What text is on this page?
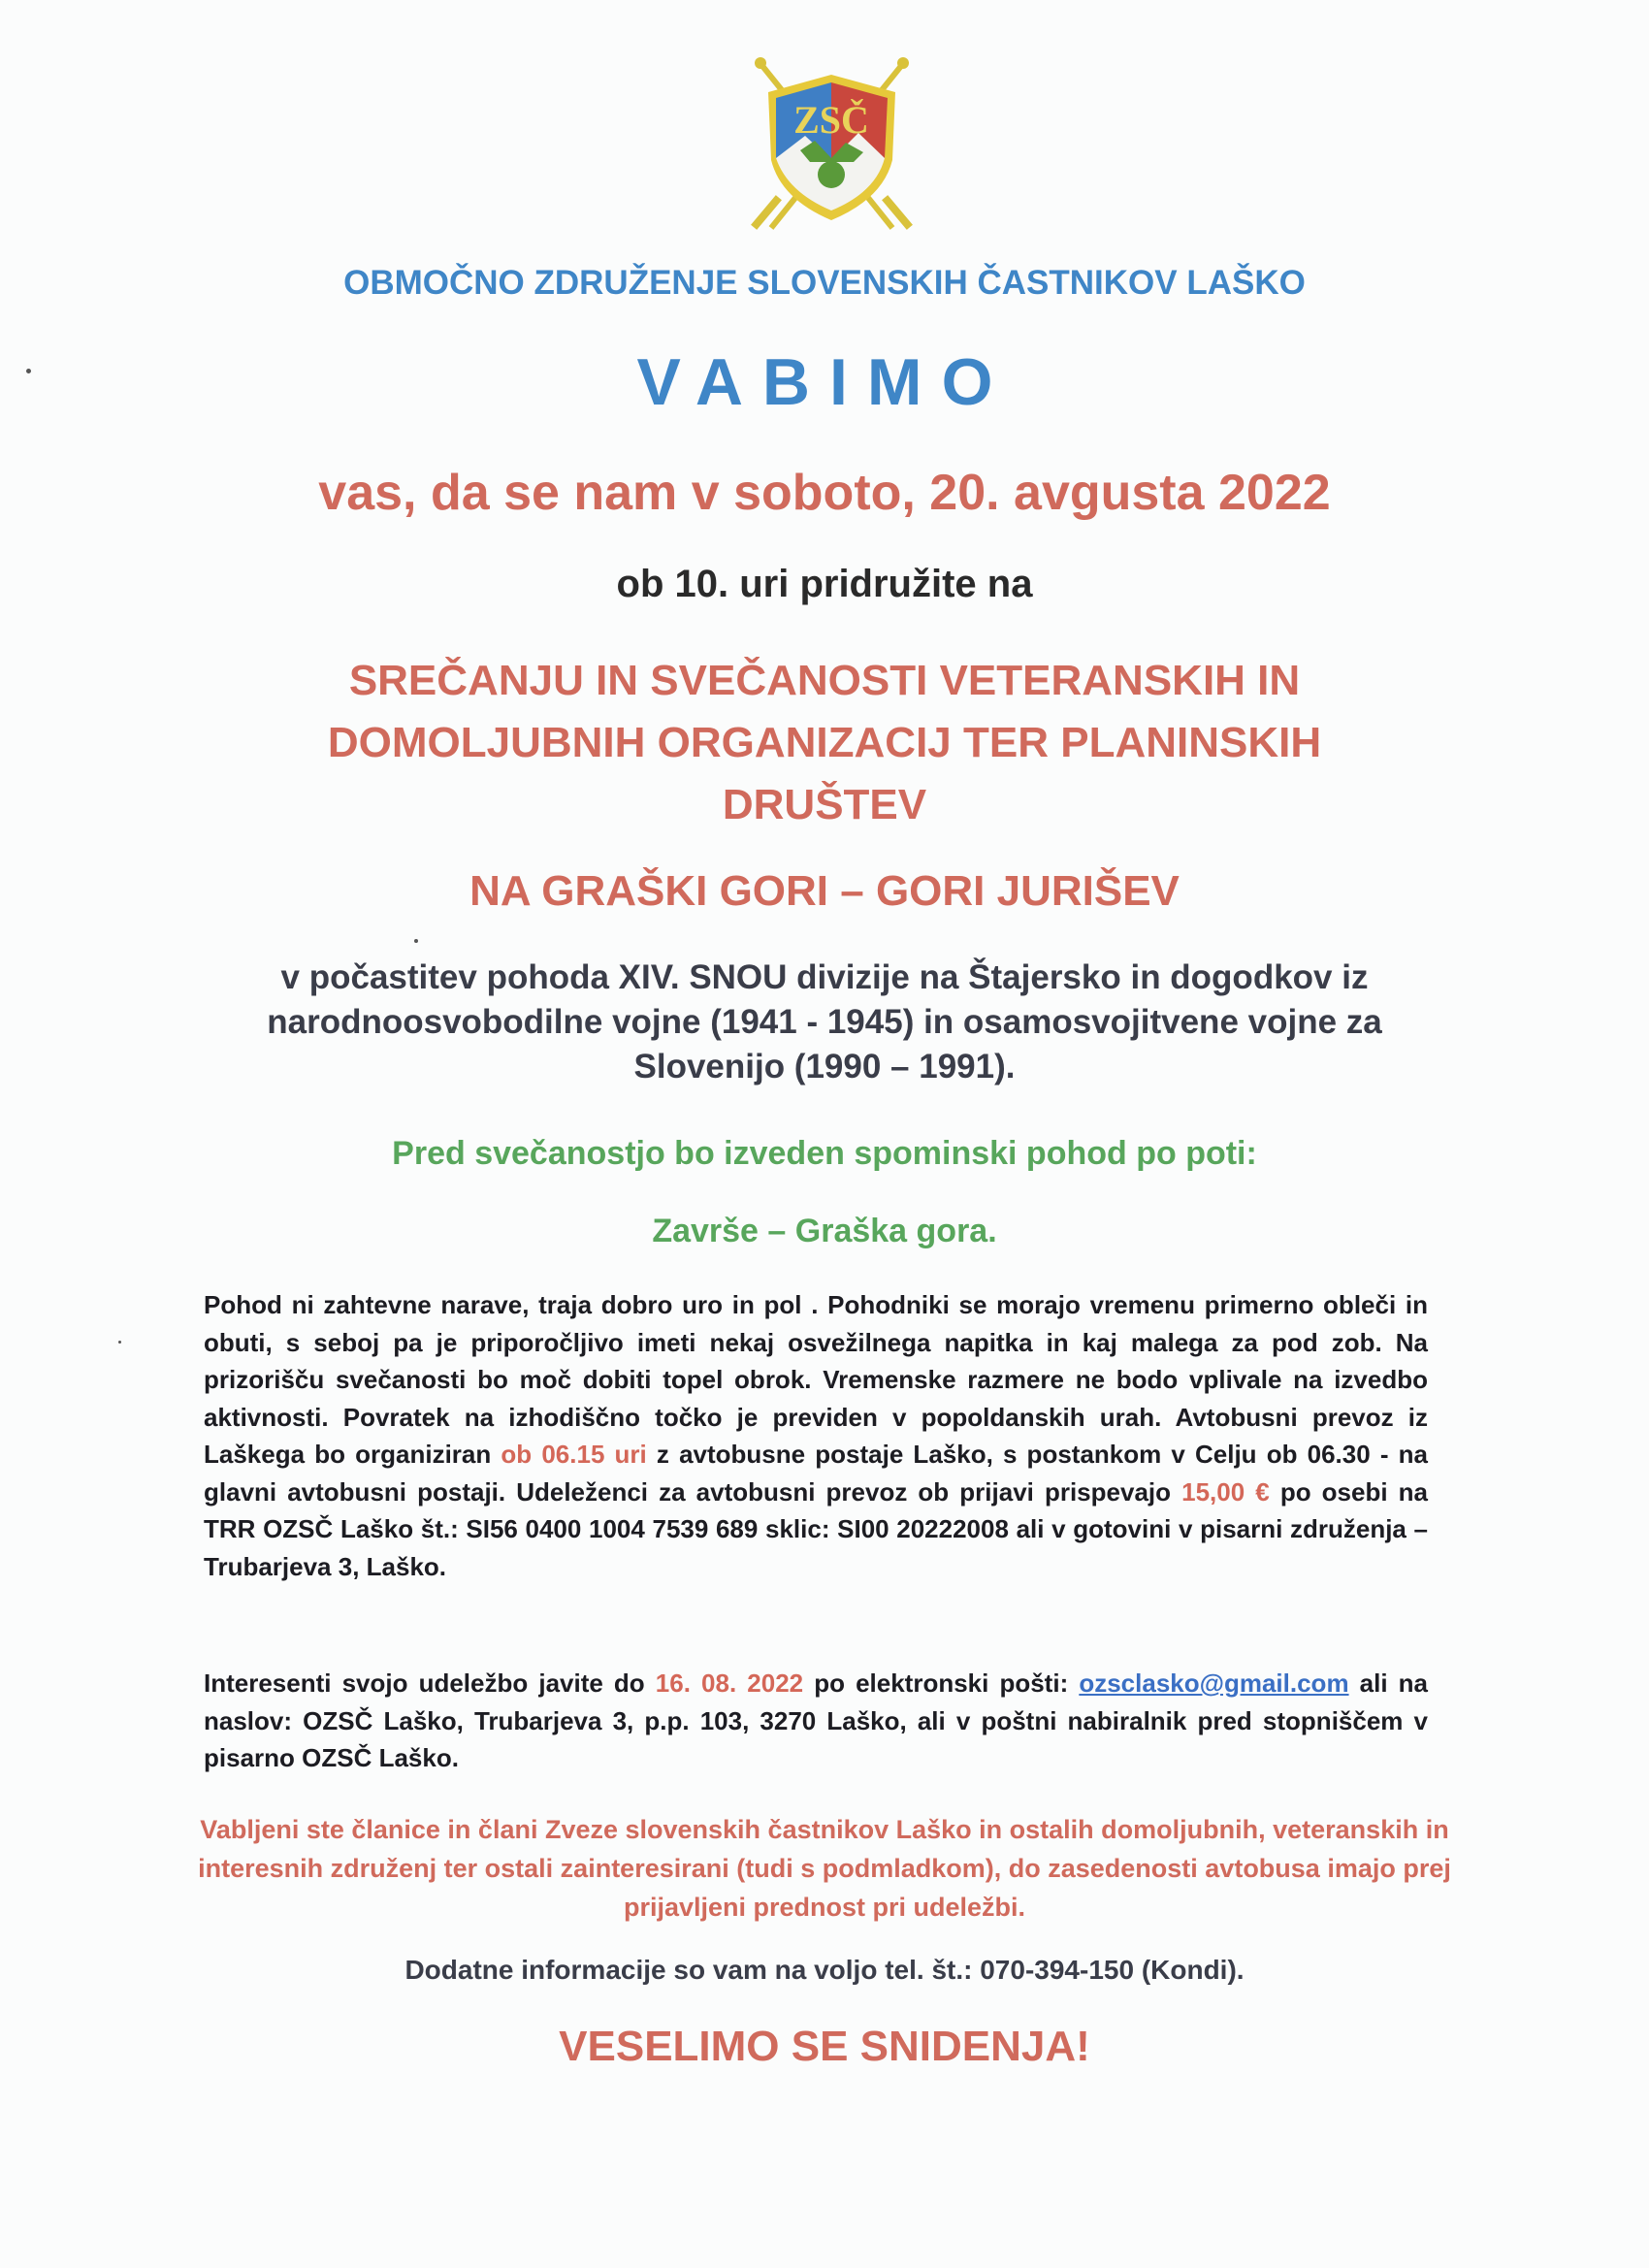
ZSČ
OBMOČNO ZDRUŽENJE SLOVENSKIH ČASTNIKOV LAŠKO
VABIMO
vas, da se nam v soboto, 20. avgusta 2022
ob 10. uri pridružite na
SREČANJU IN SVEČANOSTI VETERANSKIH IN DOMOLJUBNIH ORGANIZACIJ TER PLANINSKIH DRUŠTEV
NA GRAŠKI GORI – GORI JURIŠEV
v počastitev pohoda XIV. SNOU divizije na Štajersko in dogodkov iz narodnoosvobodilne vojne (1941 - 1945) in osamosvojitvene vojne za Slovenijo (1990 – 1991).
Pred svečanostjo bo izveden spominski pohod po poti:
Završe – Graška gora.
Pohod ni zahtevne narave, traja dobro uro in pol . Pohodniki se morajo vremenu primerno obleči in obuti, s seboj pa je priporočljivo imeti nekaj osvežilnega napitka in kaj malega za pod zob. Na prizorišču svečanosti bo moč dobiti topel obrok. Vremenske razmere ne bodo vplivale na izvedbo aktivnosti. Povratek na izhodiščno točko je previden v popoldanskih urah. Avtobusni prevoz iz Laškega bo organiziran ob 06.15 uri z avtobusne postaje Laško, s postankom v Celju ob 06.30 - na glavni avtobusni postaji. Udeleženci za avtobusni prevoz ob prijavi prispevajo 15,00 € po osebi na TRR OZSČ Laško št.: SI56 0400 1004 7539 689 sklic: SI00 20222008 ali v gotovini v pisarni združenja – Trubarjeva 3, Laško.
Interesenti svojo udeležbo javite do 16. 08. 2022 po elektronski pošti: ozsclasko@gmail.com ali na naslov: OZSČ Laško, Trubarjeva 3, p.p. 103, 3270 Laško, ali v poštni nabiralnik pred stopniščem v pisarno OZSČ Laško.
Vabljeni ste članice in člani Zveze slovenskih častnikov Laško in ostalih domoljubnih, veteranskih in interesnih združenj ter ostali zainteresirani (tudi s podmladkom), do zasedenosti avtobusa imajo prej prijavljeni prednost pri udeležbi.
Dodatne informacije so vam na voljo tel. št.: 070-394-150 (Kondi).
VESELIMO SE SNIDENJA!
